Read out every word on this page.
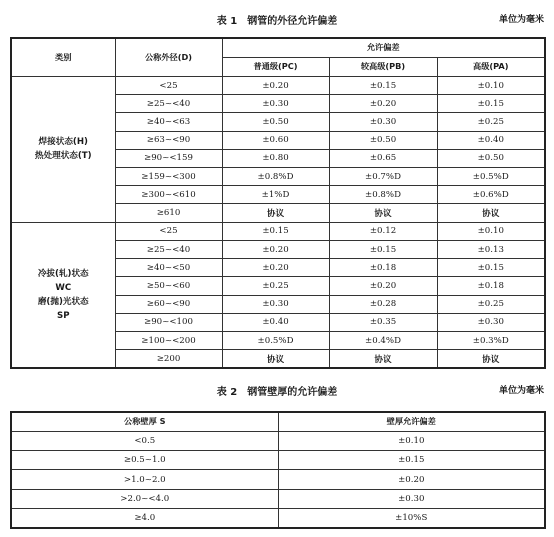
表 1　钢管的外径允许偏差	单位为毫米
类别	公称外径(D)	允许偏差		
		普通级(PC)	较高级(PB)	高级(PA)

焊接状态(H)
热处理状态(T)	<25	±0.20	±0.15	±0.10
	≥25~<40	±0.30	±0.20	±0.15
	≥40~<63	±0.50	±0.30	±0.25
	≥63~<90	±0.60	±0.50	±0.40
	≥90~<159	±0.80	±0.65	±0.50
	≥159~<300	±0.8%D	±0.7%D	±0.5%D
	≥300~<610	±1%D	±0.8%D	±0.6%D
	≥610	协议	协议	协议

冷拔(轧)状态
WC
磨(抛)光状态
SP	<25	±0.15	±0.12	±0.10
	≥25~<40	±0.20	±0.15	±0.13
	≥40~<50	±0.20	±0.18	±0.15
	≥50~<60	±0.25	±0.20	±0.18
	≥60~<90	±0.30	±0.28	±0.25
	≥90~<100	±0.40	±0.35	±0.30
	≥100~<200	±0.5%D	±0.4%D	±0.3%D
	≥200	协议	协议	协议
表 2　钢管壁厚的允许偏差	单位为毫米
公称壁厚 S	壁厚允许偏差
<0.5	±0.10
≥0.5~1.0	±0.15
>1.0~2.0	±0.20
>2.0~<4.0	±0.30
≥4.0	±10%S
